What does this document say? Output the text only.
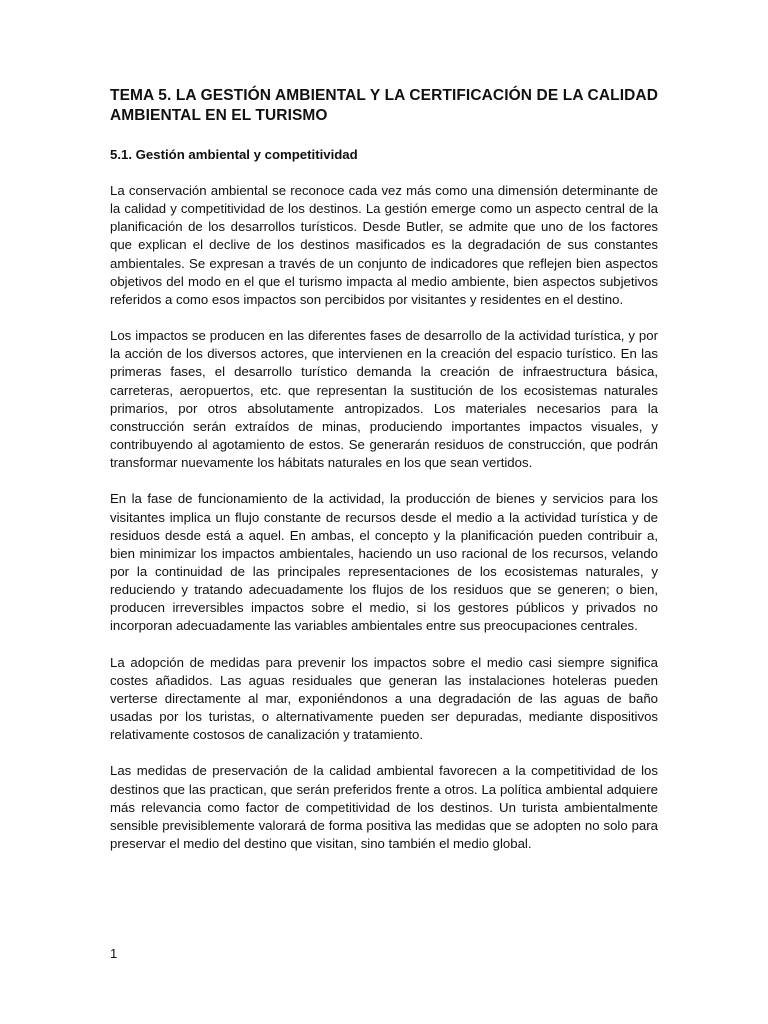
TEMA 5. LA GESTIÓN AMBIENTAL Y LA CERTIFICACIÓN DE LA CALIDAD AMBIENTAL EN EL TURISMO
5.1. Gestión ambiental y competitividad

La conservación ambiental se reconoce cada vez más como una dimensión determinante de la calidad y competitividad de los destinos. La gestión emerge como un aspecto central de la planificación de los desarrollos turísticos. Desde Butler, se admite que uno de los factores que explican el declive de los destinos masificados es la degradación de sus constantes ambientales. Se expresan a través de un conjunto de indicadores que reflejen bien aspectos objetivos del modo en el que el turismo impacta al medio ambiente, bien aspectos subjetivos referidos a como esos impactos son percibidos por visitantes y residentes en el destino.

Los impactos se producen en las diferentes fases de desarrollo de la actividad turística, y por la acción de los diversos actores, que intervienen en la creación del espacio turístico. En las primeras fases, el desarrollo turístico demanda la creación de infraestructura básica, carreteras, aeropuertos, etc. que representan la sustitución de los ecosistemas naturales primarios, por otros absolutamente antropizados. Los materiales necesarios para la construcción serán extraídos de minas, produciendo importantes impactos visuales, y contribuyendo al agotamiento de estos. Se generarán residuos de construcción, que podrán transformar nuevamente los hábitats naturales en los que sean vertidos.

En la fase de funcionamiento de la actividad, la producción de bienes y servicios para los visitantes implica un flujo constante de recursos desde el medio a la actividad turística y de residuos desde está a aquel. En ambas, el concepto y la planificación pueden contribuir a, bien minimizar los impactos ambientales, haciendo un uso racional de los recursos, velando por la continuidad de las principales representaciones de los ecosistemas naturales, y reduciendo y tratando adecuadamente los flujos de los residuos que se generen; o bien, producen irreversibles impactos sobre el medio, si los gestores públicos y privados no incorporan adecuadamente las variables ambientales entre sus preocupaciones centrales.

La adopción de medidas para prevenir los impactos sobre el medio casi siempre significa costes añadidos. Las aguas residuales que generan las instalaciones hoteleras pueden verterse directamente al mar, exponiéndonos a una degradación de las aguas de baño usadas por los turistas, o alternativamente pueden ser depuradas, mediante dispositivos relativamente costosos de canalización y tratamiento.

Las medidas de preservación de la calidad ambiental favorecen a la competitividad de los destinos que las practican, que serán preferidos frente a otros. La política ambiental adquiere más relevancia como factor de competitividad de los destinos. Un turista ambientalmente sensible previsiblemente valorará de forma positiva las medidas que se adopten no solo para preservar el medio del destino que visitan, sino también el medio global.

1
